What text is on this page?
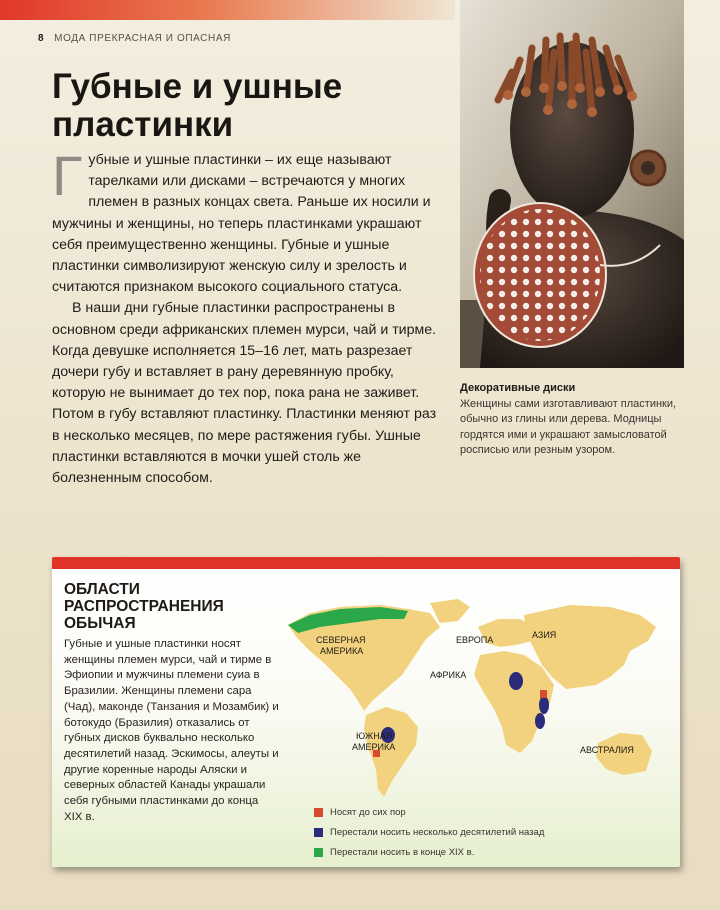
8 МОДА ПРЕКРАСНАЯ И ОПАСНАЯ
Губные и ушные пластинки

Губные и ушные пластинки – их еще называют тарелками или дисками – встречаются у многих племен в разных концах света. Раньше их носили и мужчины и женщины, но теперь пластинками украшают себя преимущественно женщины. Губные и ушные пластинки символизируют женскую силу и зрелость и считаются признаком высокого социального статуса.

В наши дни губные пластинки распространены в основном среди африканских племен мурси, чай и тирме. Когда девушке исполняется 15–16 лет, мать разрезает дочери губу и вставляет в рану деревянную пробку, которую не вынимает до тех пор, пока рана не заживет. Потом в губу вставляют пластинку. Пластинки меняют раз в несколько месяцев, по мере растяжения губы. Ушные пластинки вставляются в мочки ушей столь же болезненным способом.

Декоративные диски
Женщины сами изготавливают пластинки, обычно из глины или дерева. Модницы гордятся ими и украшают замысловатой росписью или резным узором.
ОБЛАСТИ РАСПРОСТРАНЕНИЯ ОБЫЧАЯ
Губные и ушные пластинки носят женщины племен мурси, чай и тирме в Эфиопии и мужчины племени суиа в Бразилии. Женщины племени сара (Чад), маконде (Танзания и Мозамбик) и ботокудо (Бразилия) отказались от губных дисков буквально несколько десятилетий назад. Эскимосы, алеуты и другие коренные народы Аляски и северных областей Канады украшали себя губными пластинками до конца XIX в.
СЕВЕРНАЯ
АМЕРИКА
ЮЖНАЯ
АМЕРИКА
ЕВРОПА	АЗИЯ
АФРИКА
АВСТРАЛИЯ
Носят до сих пор
Перестали носить несколько десятилетий назад
Перестали носить в конце XIX в.
